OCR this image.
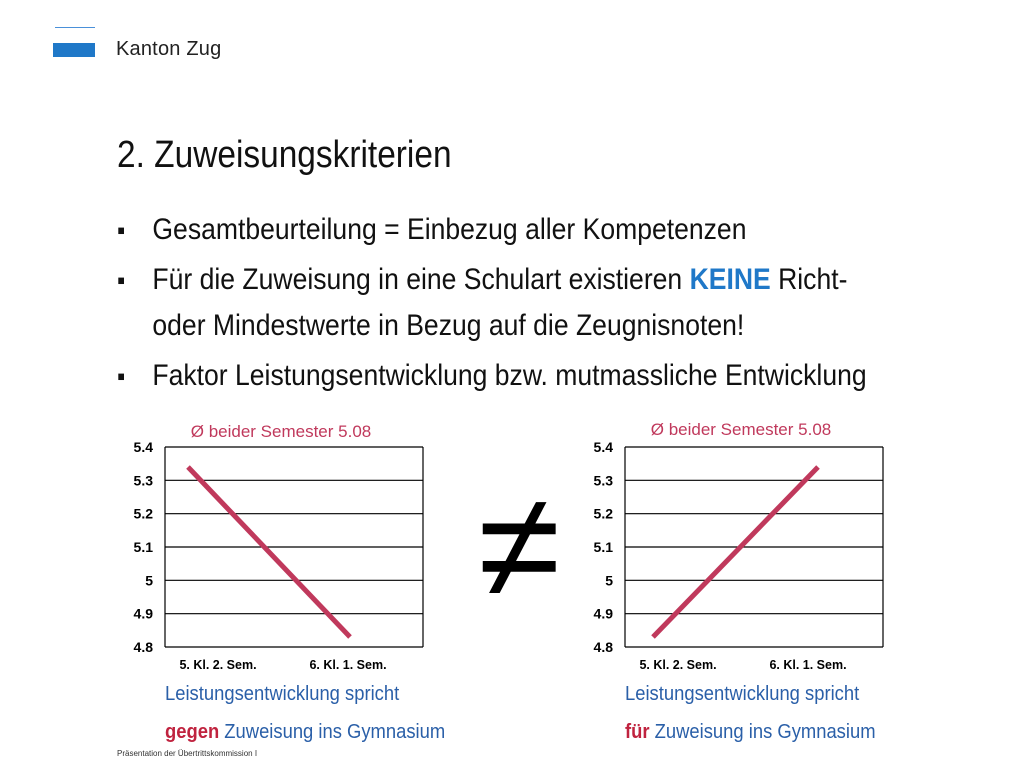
Kanton Zug
2. Zuweisungskriterien
▪ Gesamtbeurteilung = Einbezug aller Kompetenzen
▪ Für die Zuweisung in eine Schulart existieren KEINE Richt-
oder Mindestwerte in Bezug auf die Zeugnisnoten!
▪ Faktor Leistungsentwicklung bzw. mutmassliche Entwicklung
Ø beider Semester 5.08
5.4
5.3
5.2
5.1
5
4.9
4.8
5. Kl. 2. Sem.	6. Kl. 1. Sem.
Ø beider Semester 5.08
5.4
5.3
5.2
5.1
5
4.9
4.8
5. Kl. 2. Sem.	6. Kl. 1. Sem.
≠
Leistungsentwicklung spricht
gegen Zuweisung ins Gymnasium
Leistungsentwicklung spricht
für Zuweisung ins Gymnasium
Präsentation der Übertrittskommission I
